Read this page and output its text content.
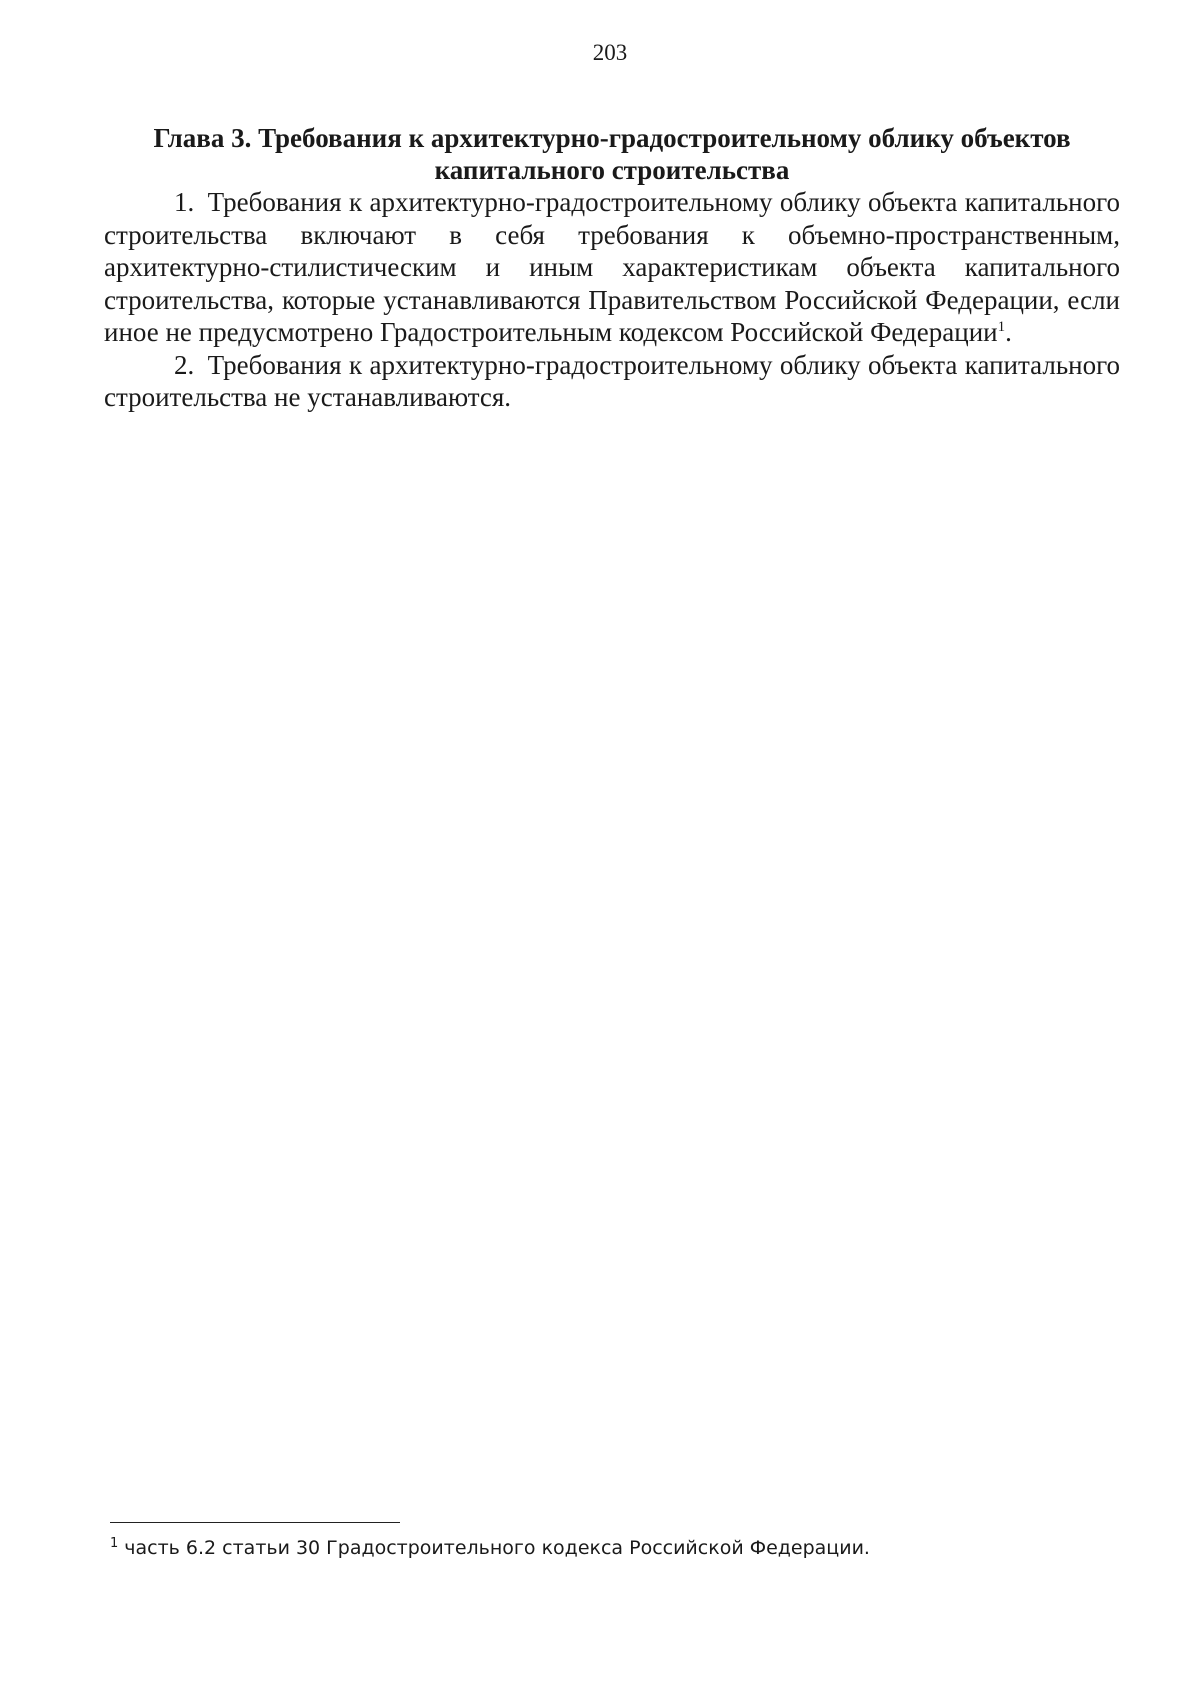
203
Глава 3. Требования к архитектурно-градостроительному облику объектов капитального строительства

1. Требования к архитектурно-градостроительному облику объекта капитального строительства включают в себя требования к объемно-пространственным, архитектурно-стилистическим и иным характеристикам объекта капитального строительства, которые устанавливаются Правительством Российской Федерации, если иное не предусмотрено Градостроительным кодексом Российской Федерации$^1$.

2. Требования к архитектурно-градостроительному облику объекта капитального строительства не устанавливаются.

$^1$ часть 6.2 статьи 30 Градостроительного кодекса Российской Федерации.
